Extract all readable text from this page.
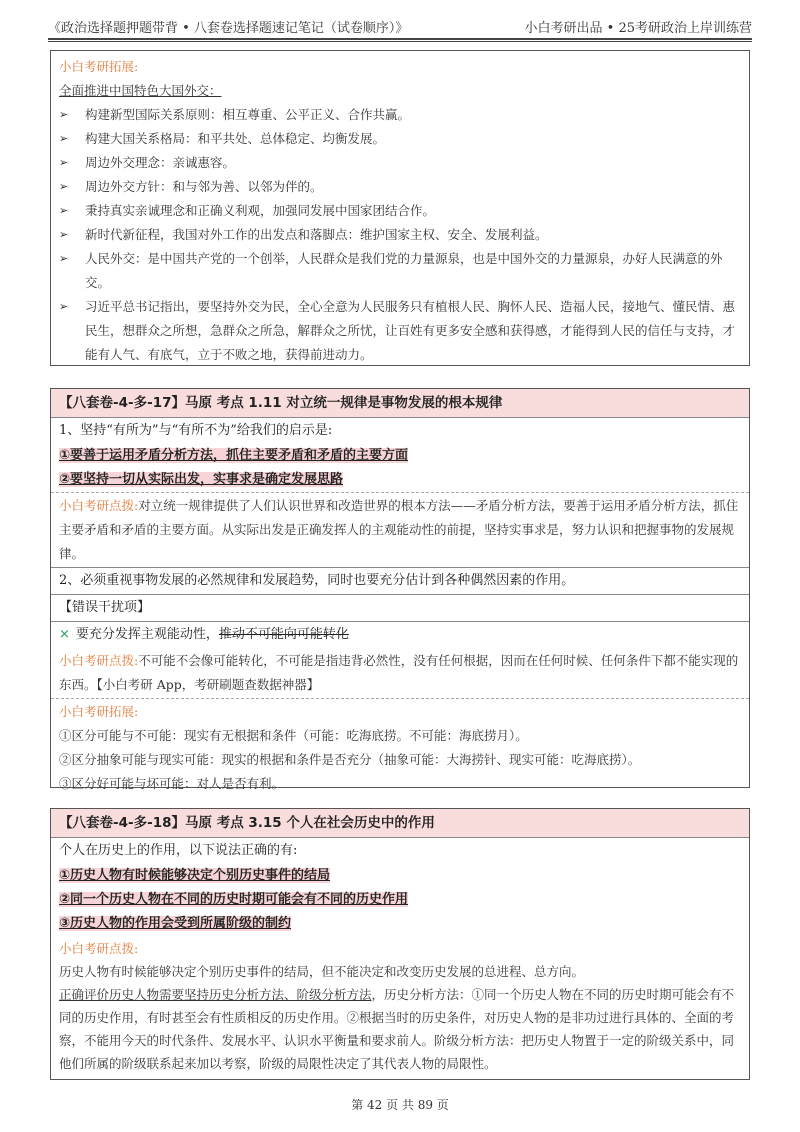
《政治选择题押题带背 • 八套卷选择题速记笔记（试卷顺序）》	小白考研出品 • 25考研政治上岸训练营
小白考研拓展:
全面推进中国特色大国外交：
➢	构建新型国际关系原则：相互尊重、公平正义、合作共赢。
➢	构建大国关系格局：和平共处、总体稳定、均衡发展。
➢	周边外交理念：亲诚惠容。
➢	周边外交方针：和与邻为善、以邻为伴的。
➢	秉持真实亲诚理念和正确义利观，加强同发展中国家团结合作。
➢	新时代新征程，我国对外工作的出发点和落脚点：维护国家主权、安全、发展利益。
➢	人民外交：是中国共产党的一个创举，人民群众是我们党的力量源泉，也是中国外交的力量源泉，办好人民满意的外交。
➢	习近平总书记指出，要坚持外交为民，全心全意为人民服务只有植根人民、胸怀人民、造福人民，接地气、懂民情、惠民生，想群众之所想，急群众之所急，解群众之所忧，让百姓有更多安全感和获得感，才能得到人民的信任与支持，才能有人气、有底气，立于不败之地，获得前进动力。
【八套卷-4-多-17】马原 考点 1.11 对立统一规律是事物发展的根本规律
1、坚持“有所为”与“有所不为”给我们的启示是:
①要善于运用矛盾分析方法，抓住主要矛盾和矛盾的主要方面
②要坚持一切从实际出发，实事求是确定发展思路
小白考研点拨:对立统一规律提供了人们认识世界和改造世界的根本方法——矛盾分析方法，要善于运用矛盾分析方法，抓住主要矛盾和矛盾的主要方面。从实际出发是正确发挥人的主观能动性的前提，坚持实事求是，努力认识和把握事物的发展规律。
2、必须重视事物发展的必然规律和发展趋势，同时也要充分估计到各种偶然因素的作用。
【错误干扰项】
× 要充分发挥主观能动性，推动不可能向可能转化
小白考研点拨:不可能不会像可能转化，不可能是指违背必然性，没有任何根据，因而在任何时候、任何条件下都不能实现的东西。【小白考研 App，考研刷题查数据神器】
小白考研拓展:
①区分可能与不可能：现实有无根据和条件（可能：吃海底捞。不可能：海底捞月）。
②区分抽象可能与现实可能：现实的根据和条件是否充分（抽象可能：大海捞针、现实可能：吃海底捞）。
③区分好可能与坏可能：对人是否有利。
【八套卷-4-多-18】马原 考点 3.15 个人在社会历史中的作用
个人在历史上的作用，以下说法正确的有:
①历史人物有时候能够决定个别历史事件的结局
②同一个历史人物在不同的历史时期可能会有不同的历史作用
③历史人物的作用会受到所属阶级的制约
小白考研点拨:
历史人物有时候能够决定个别历史事件的结局，但不能决定和改变历史发展的总进程、总方向。
正确评价历史人物需要坚持历史分析方法、阶级分析方法，历史分析方法：①同一个历史人物在不同的历史时期可能会有不同的历史作用，有时甚至会有性质相反的历史作用。②根据当时的历史条件，对历史人物的是非功过进行具体的、全面的考察，不能用今天的时代条件、发展水平、认识水平衡量和要求前人。阶级分析方法：把历史人物置于一定的阶级关系中，同他们所属的阶级联系起来加以考察，阶级的局限性决定了其代表人物的局限性。
第 42 页 共 89 页
